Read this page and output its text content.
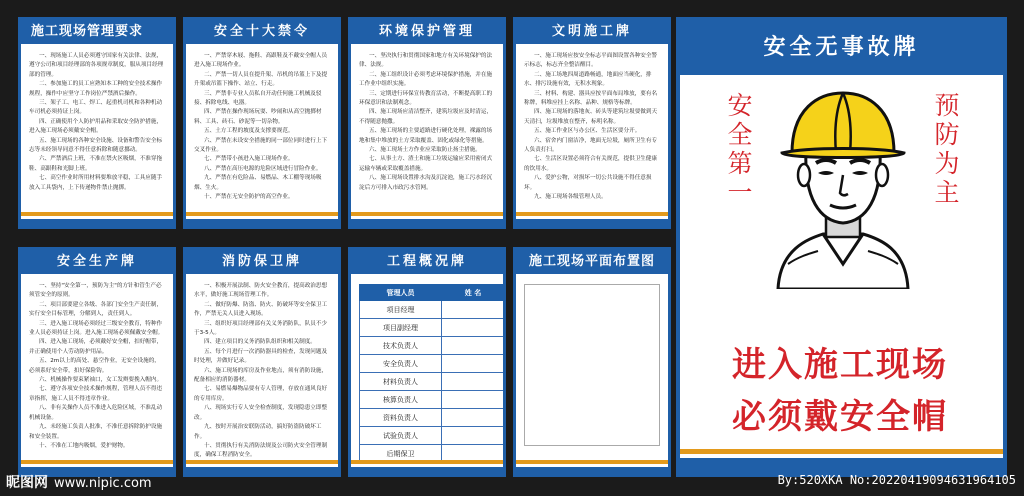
施工现场管理要求

一、现场施工人员必须遵守国家有关法律、法规，遵守公司和项目经理部的各项规章制度，服从项目经理部的管理。

二、参加施工的员工应熟知本工种的安全技术操作规程，操作中应坚守工作岗位严禁酒后操作。

三、架子工、电工、焊工、起重机司机和各种机动车司机必须持证上岗。

四、正确使用个人防护用品和采取安全防护措施，进入施工现场必须戴安全帽。

五、施工现场的各种安全设施、设备和警告安全标志等未经领导同意不得任意拆除和随意挪动。

六、严禁酒后上班，不准在禁火区吸烟，不准穿拖鞋、高跟鞋和光脚上班。

七、高空作业时所用材料要堆放平稳，工具应随手放入工具袋内，上下传递物件禁止抛掷。

安全十大禁令

一、严禁穿木屐、拖鞋、高跟鞋及不戴安全帽人员进入施工现场作业。

二、严禁一切人员在提升架、吊机的吊篮上下及提升架或吊篮下操作、站立、行走。

三、严禁非专业人员私自开动任何施工机械及驳接、拆除电线、电器。

四、严禁在操作现场玩耍、吵闹和从高空抛掷材料、工具、砖石、砂泥等一切杂物。

五、土方工程的坡度及支撑要规范。

六、严禁在未设安全措施的同一部位同时进行上下交叉作业。

七、严禁带小孩进入施工现场作业。

八、严禁在高压电源的危险区域进行冒险作业。

九、严禁在有危险品、易燃品、木工棚等现场吸烟、生火。

十、严禁在无安全防护的高空作业。

环境保护管理

一、坚决执行和贯彻国家和地方有关环境保护的法律、法规。

二、施工组织设计必须考虑环境保护措施，并在施工作业中组织实施。

三、定期进行环保宣传教育活动，不断提高职工的环保意识和法制观念。

四、施工现场应清洁整齐，建筑垃圾应及时清运，不得随意抛撒。

五、施工现场的主要道路进行硬化处理，裸露的场地和集中堆放的土方采取覆盖、固化或绿化等措施。

六、施工现场土方作业应采取防止扬尘措施。

七、从事土方、渣土和施工垃圾运输应采用密闭式运输车辆或采取覆盖措施。

八、施工现场设置排水沟及沉淀池，施工污水经沉淀后方可排入市政污水管网。

文明施工牌

一、施工现场应按安全标志平面图设置各种安全警示标志，标志齐全整洁醒目。

二、施工场地四周道路畅通，地面应当硬化，排水、排污设施有效，无积水现象。

三、材料、构建、器具应按平面布局堆放，要有名称牌，料堆应挂上名称、品种、规格等标牌。

四、施工现场的落地灰、砖头等建筑垃圾要做到天天清扫，垃圾堆放在整齐，标明名称。

五、施工作业区与办公区、生活区要分开。

六、宿舍内门窗洁净，地面无垃圾，厕所卫生有专人负责打扫。

七、生活区设置必须符合有关规范，提供卫生健康的饮用水。

八、爱护公物，对损坏一切公共设施不得任意损坏。

九、施工现场各级管理人员。

安全生产牌

一、坚持"安全第一，预防为主"的方针和管生产必须管安全的原则。

二、项目部要建立各级、各部门安全生产责任制，实行安全目标管理，分解到人，责任到人。

三、进入施工现场必须经过三级安全教育，特种作业人员必须持证上岗。进入施工现场必须佩戴安全帽。

四、进入施工现场，必须戴好安全帽，扣好帽带，并正确使用个人劳动防护用品。

五、2m以上的高处、悬空作业，无安全设施的，必须系好安全带，扣好保险钩。

六、机械操作要束紧袖口，女工发辫要挽入帽内。

七、遵守各项安全技术操作规程，管理人员不得违章指挥，施工人员不得违章作业。

八、非有关操作人员不准进入危险区域，不准乱动机械设备。

九、未经施工负责人批准，不准任意拆除防护设施和安全装置。

十、不准在工地内吸烟，爱护财物。

消防保卫牌

一、积极开展法制、防火安全教育，提高政治思想水平，做好施工现场管理工作。

二、做好防爆、防盗、防火、防破坏等安全保卫工作，严禁无关人员进入现场。

三、组织好项目经理部有关义务消防队，队员不少于3-5人。

四、建立项目的义务消防队组织和相关制度。

五、每个月进行一次消防器具的检查，发现问题及时处理，并做好记录。

六、施工现场的库房及作业地点，须有消防设施，配备相应的消防器材。

七、易燃易爆物品要有专人管理，存放在通风良好的专用库房。

八、现场实行专人安全检查制度，发现隐患立即整改。

九、按时开展治安联防活动，搞好防盗防破坏工作。

十、贯彻执行有关消防法规及公司防火安全管理制度，确保工程消防安全。

工程概况牌
管理人员	姓 名
项目经理	
项目副经理	
技术负责人	
安全负责人	
材料负责人	
核算负责人	
资料负责人	
试验负责人	
后期保卫	

施工现场平面布置图
安全无事故牌
安
全
第
一
预
防
为
主
进入施工现场
必须戴安全帽
昵图网 www.nipic.com	By:520XKA No:20220419094631964105
